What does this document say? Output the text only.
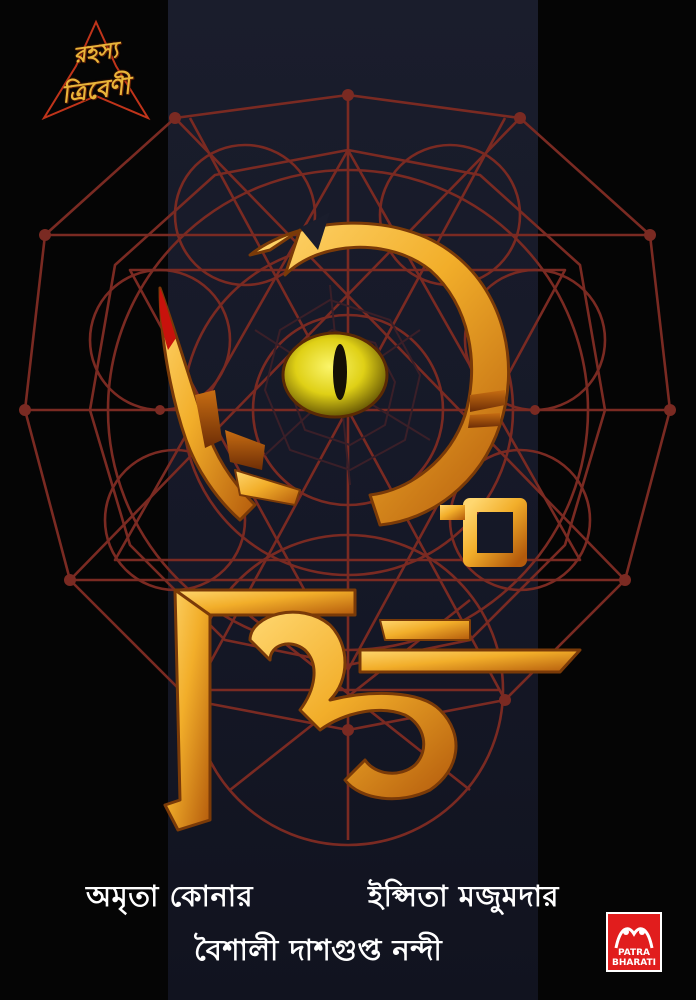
রহস্য
ত্রিবেণী
অমৃতা কোনার	ইপ্সিতা মজুমদার
বৈশালী দাশগুপ্ত নন্দী	PATRA BHARATI
